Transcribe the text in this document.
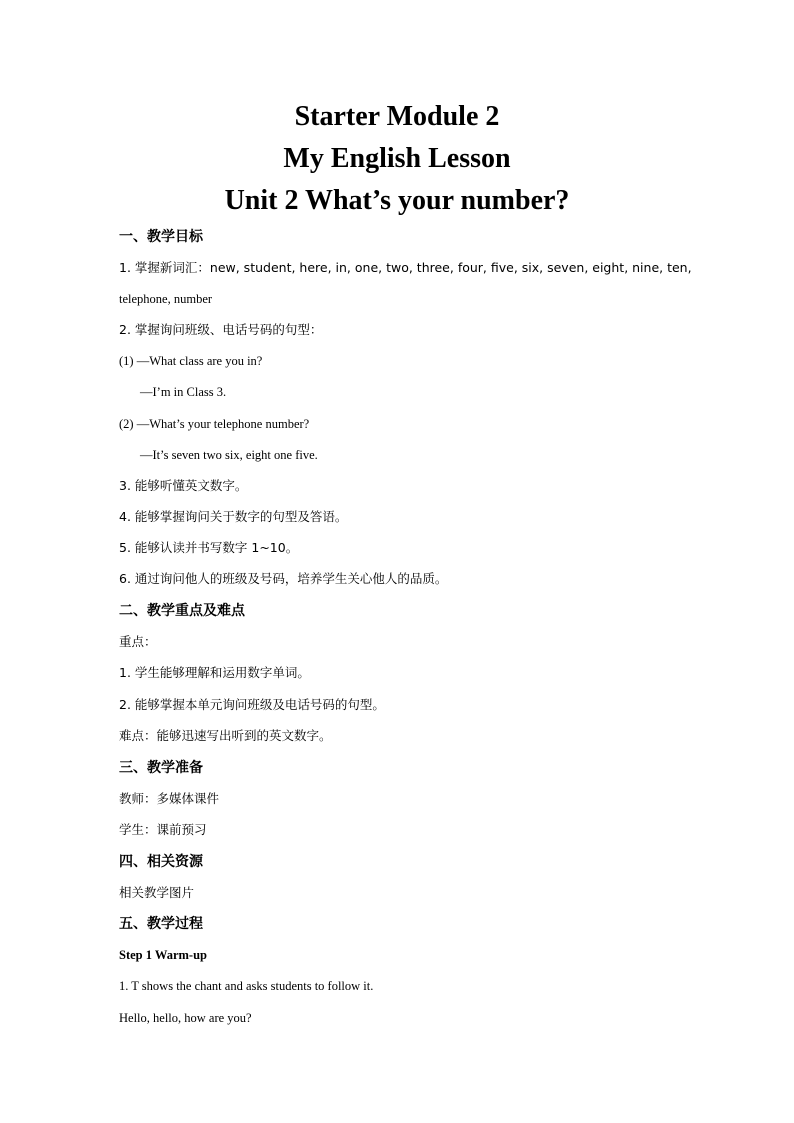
Starter Module 2
My English Lesson
Unit 2 What’s your number?
一、教学目标
1. 掌握新词汇：new, student, here, in, one, two, three, four, five, six, seven, eight, nine, ten,
telephone, number
2. 掌握询问班级、电话号码的句型：
(1) —What class are you in?
—I’m in Class 3.
(2) —What’s your telephone number?
—It’s seven two six, eight one five.
3. 能够听懂英文数字。
4. 能够掌握询问关于数字的句型及答语。
5. 能够认读并书写数字 1~10。
6. 通过询问他人的班级及号码，培养学生关心他人的品质。
二、教学重点及难点
重点：
1. 学生能够理解和运用数字单词。
2. 能够掌握本单元询问班级及电话号码的句型。
难点：能够迅速写出听到的英文数字。
三、教学准备
教师：多媒体课件
学生：课前预习
四、相关资源
相关教学图片
五、教学过程
Step 1 Warm-up
1. T shows the chant and asks students to follow it.
Hello, hello, how are you?
